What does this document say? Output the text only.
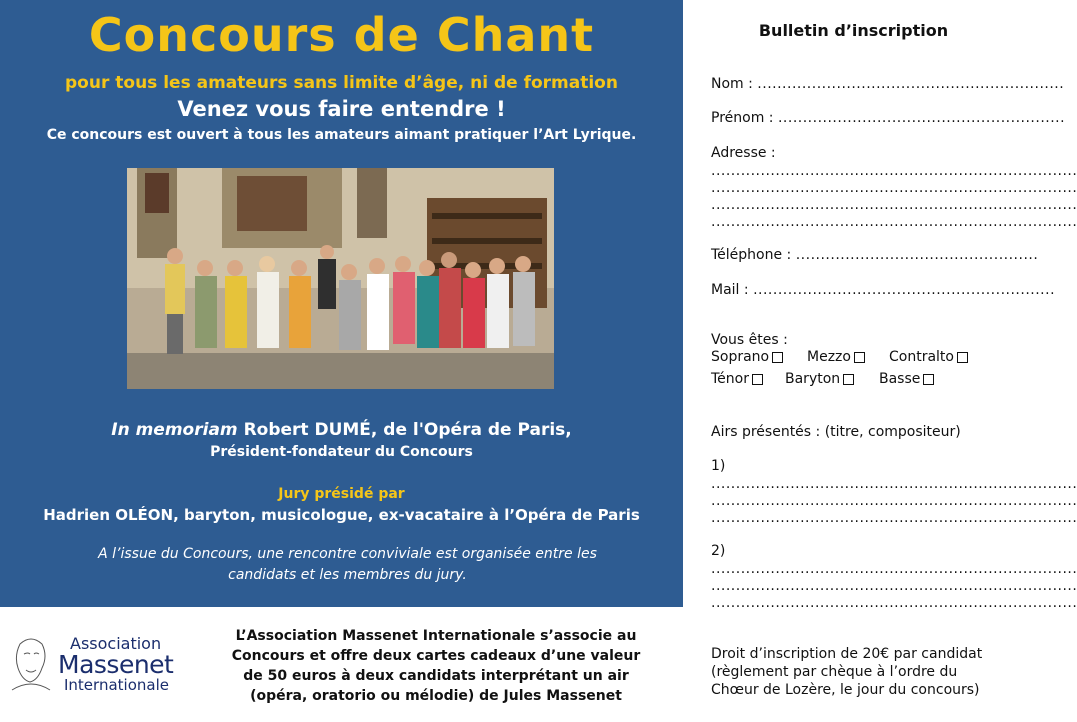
Concours de Chant
pour tous les amateurs sans limite d’âge, ni de formation
Venez vous faire entendre !
Ce concours est ouvert à tous les amateurs aimant pratiquer l’Art Lyrique.
In memoriam Robert DUMÉ, de l'Opéra de Paris,
Président-fondateur du Concours
Jury présidé par
Hadrien OLÉON, baryton, musicologue, ex-vacataire à l’Opéra de Paris
A l’issue du Concours, une rencontre conviviale est organisée entre les
candidats et les membres du jury.
Association
Massenet
Internationale
L’Association Massenet Internationale s’associe au
Concours et offre deux cartes cadeaux d’une valeur
de 50 euros à deux candidats interprétant un air
(opéra, oratorio ou mélodie) de Jules Massenet
Bulletin d’inscription
Nom : ..............................................................
Prénom : ..........................................................
Adresse :
..........................................................................
..........................................................................
..........................................................................
..........................................................................
Téléphone : .................................................
Mail : .............................................................
Vous êtes :
Soprano	Mezzo	Contralto
Ténor	Baryton	Basse
Airs présentés : (titre, compositeur)
1)
..........................................................................
..........................................................................
..........................................................................
2)
..........................................................................
..........................................................................
..........................................................................
Droit d’inscription de 20€ par candidat
(règlement par chèque à l’ordre du
Chœur de Lozère, le jour du concours)
